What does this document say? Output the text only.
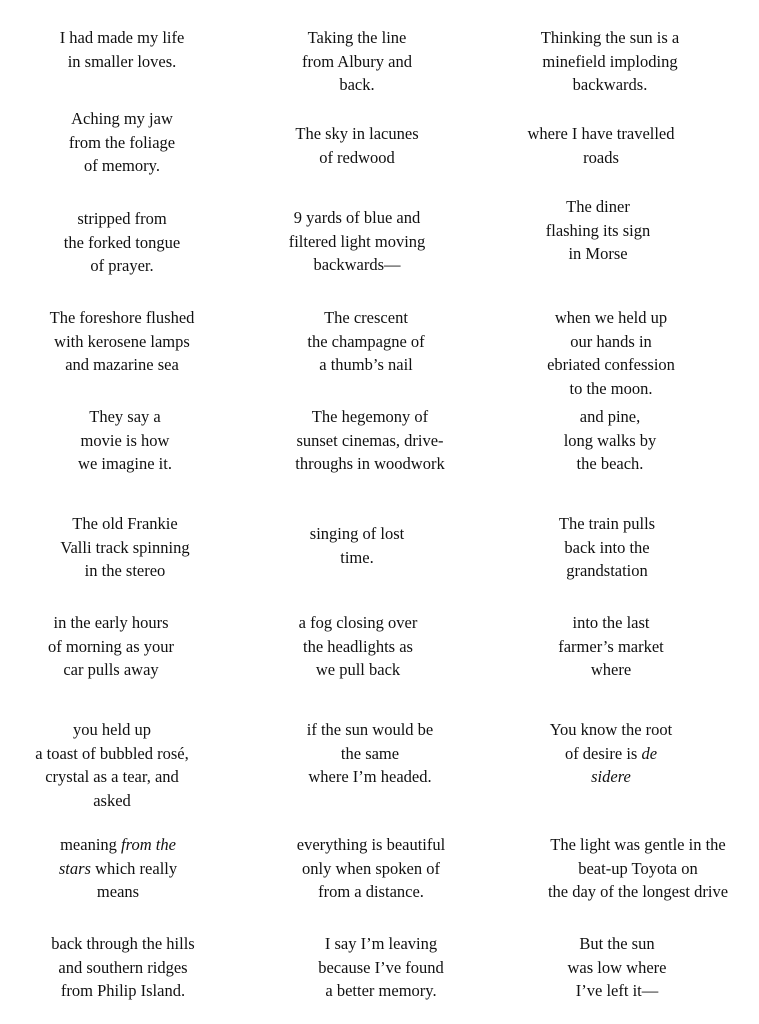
I had made my life
in smaller loves.
Taking the line
from Albury and
back.
Thinking the sun is a
minefield imploding
backwards.
Aching my jaw
from the foliage
of memory.
The sky in lacunes
of redwood
where I have travelled
roads
stripped from
the forked tongue
of prayer.
9 yards of blue and
filtered light moving
backwards—
The diner
flashing its sign
in Morse
The foreshore flushed
with kerosene lamps
and mazarine sea
The crescent
the champagne of
a thumb’s nail
when we held up
our hands in
ebriated confession
to the moon.
They say a
movie is how
we imagine it.
The hegemony of
sunset cinemas, drive-
throughs in woodwork
and pine,
long walks by
the beach.
The old Frankie
Valli track spinning
in the stereo
singing of lost
time.
The train pulls
back into the
grandstation
in the early hours
of morning as your
car pulls away
a fog closing over
the headlights as
we pull back
into the last
farmer’s market
where
you held up
a toast of bubbled rosé,
crystal as a tear, and
asked
if the sun would be
the same
where I’m headed.
You know the root
of desire is de
sidere
meaning from the
stars which really
means
everything is beautiful
only when spoken of
from a distance.
The light was gentle in the
beat-up Toyota on
the day of the longest drive
back through the hills
and southern ridges
from Philip Island.
I say I’m leaving
because I’ve found
a better memory.
But the sun
was low where
I’ve left it—
